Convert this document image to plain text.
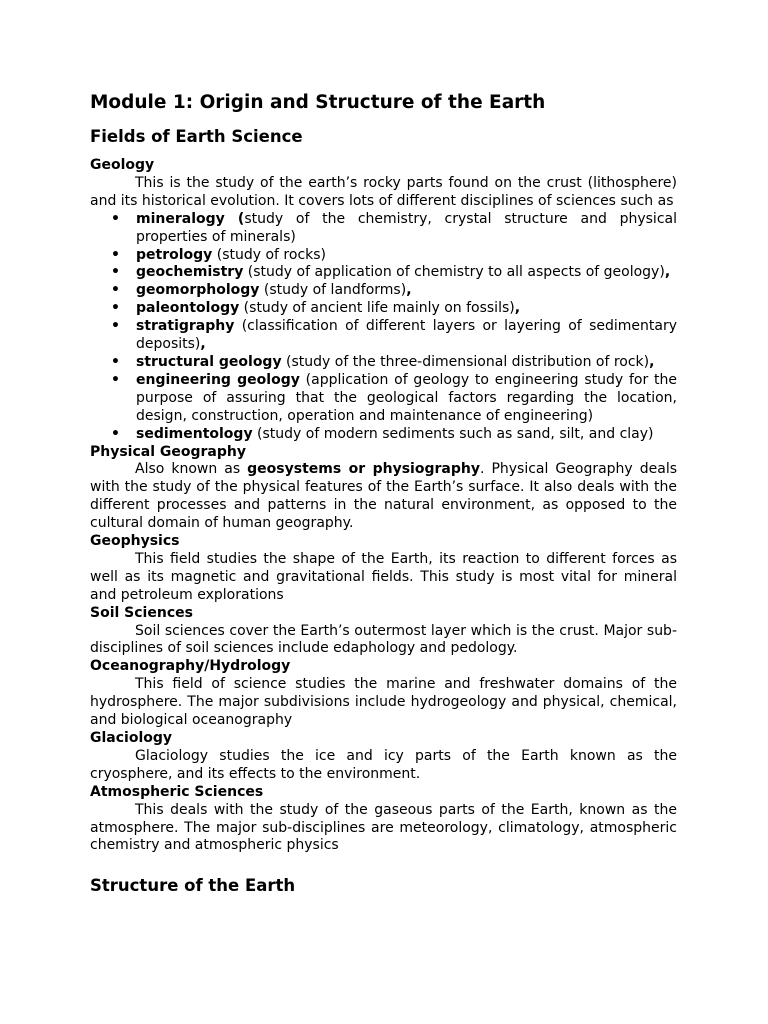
Module 1: Origin and Structure of the Earth
Fields of Earth Science

Geology

This is the study of the earth’s rocky parts found on the crust (lithosphere) and its historical evolution. It covers lots of different disciplines of sciences such as

• mineralogy (study of the chemistry, crystal structure and physical properties of minerals)
• petrology (study of rocks)
• geochemistry (study of application of chemistry to all aspects of geology),
• geomorphology (study of landforms),
• paleontology (study of ancient life mainly on fossils),
• stratigraphy (classification of different layers or layering of sedimentary deposits),
• structural geology (study of the three-dimensional distribution of rock),
• engineering geology (application of geology to engineering study for the purpose of assuring that the geological factors regarding the location, design, construction, operation and maintenance of engineering)
• sedimentology (study of modern sediments such as sand, silt, and clay)

Physical Geography

Also known as geosystems or physiography. Physical Geography deals with the study of the physical features of the Earth’s surface. It also deals with the different processes and patterns in the natural environment, as opposed to the cultural domain of human geography.

Geophysics

This field studies the shape of the Earth, its reaction to different forces as well as its magnetic and gravitational fields. This study is most vital for mineral and petroleum explorations

Soil Sciences

Soil sciences cover the Earth’s outermost layer which is the crust. Major sub-disciplines of soil sciences include edaphology and pedology.

Oceanography/Hydrology

This field of science studies the marine and freshwater domains of the hydrosphere. The major subdivisions include hydrogeology and physical, chemical, and biological oceanography

Glaciology

Glaciology studies the ice and icy parts of the Earth known as the cryosphere, and its effects to the environment.

Atmospheric Sciences

This deals with the study of the gaseous parts of the Earth, known as the atmosphere. The major sub-disciplines are meteorology, climatology, atmospheric chemistry and atmospheric physics

Structure of the Earth
